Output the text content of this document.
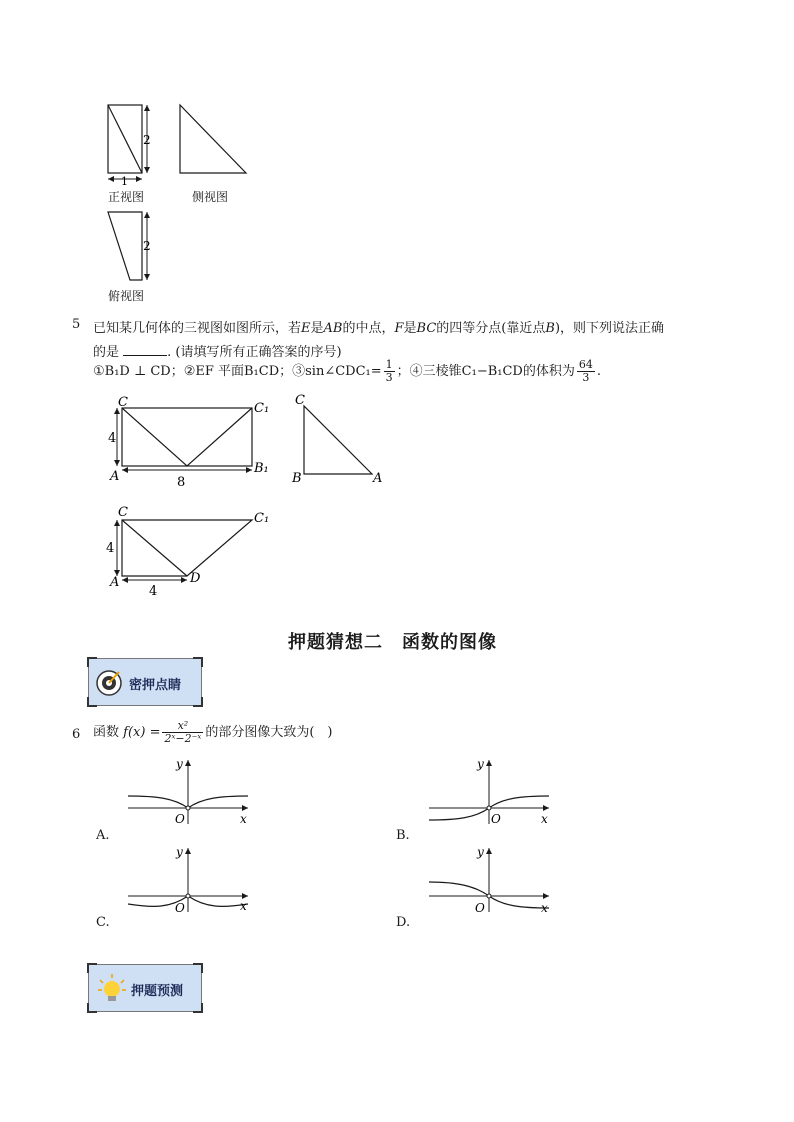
2
1
2
正视图	侧视图
俯视图
5 已知某几何体的三视图如图所示，若E是AB的中点，F是BC的四等分点(靠近点B)，则下列说法正确
的是	. (请填写所有正确答案的序号)
①B₁D ⊥ CD；②EF 平面B₁CD；③sin∠CDC₁= $\frac{1}{3}$ ；④三棱锥C₁−B₁CD的体积为 $\frac{64}{3}$ .
C	C₁
4
A
B₁
8
C
B	A
C	C₁
4
A	D
4
押题猜想二　函数的图像
密押点睛
6 函数 $f(x) = \frac{\text{x²}}{\text{2ˣ−2⁻ˣ}}$ 的部分图像大致为(　)
A.
y
O	x
B.
y
O	x
C.
y
O	x
D.
y
O	x
押题预测
